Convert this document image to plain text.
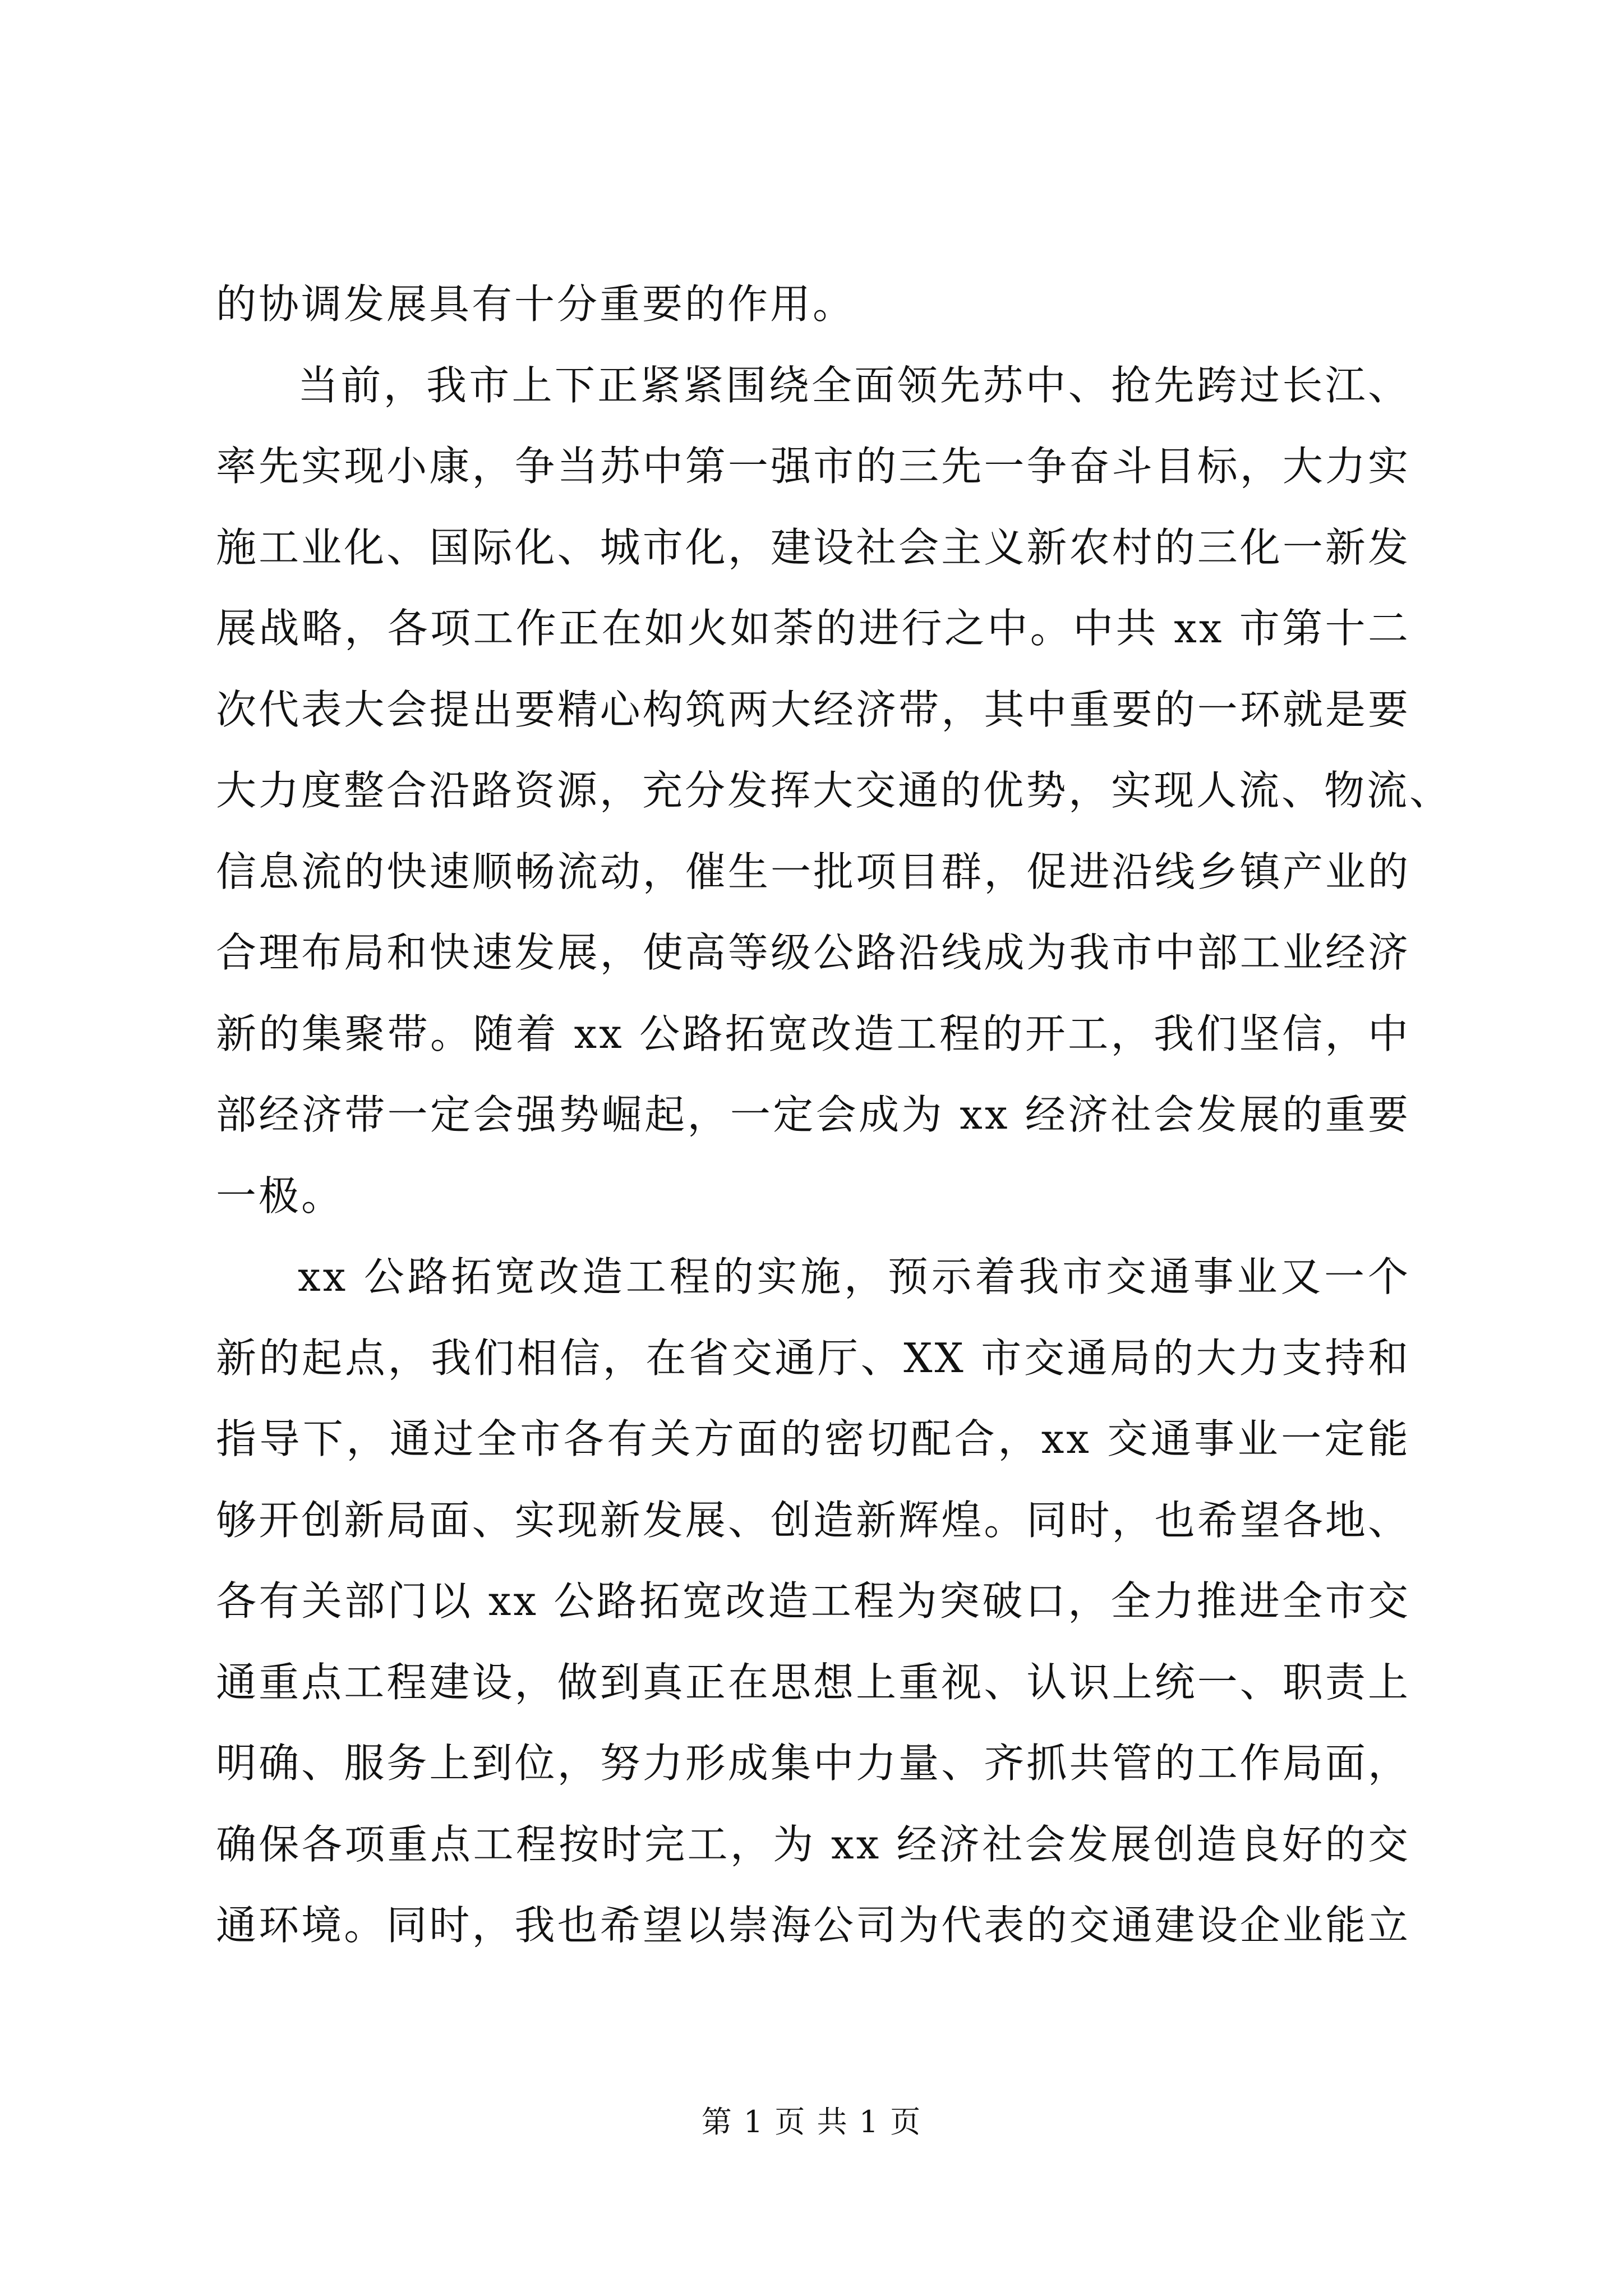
的协调发展具有十分重要的作用。
当前，我市上下正紧紧围绕全面领先苏中、抢先跨过长江、
率先实现小康，争当苏中第一强市的三先一争奋斗目标，大力实
施工业化、国际化、城市化，建设社会主义新农村的三化一新发
展战略，各项工作正在如火如荼的进行之中。中共 xx 市第十二
次代表大会提出要精心构筑两大经济带，其中重要的一环就是要
大力度整合沿路资源，充分发挥大交通的优势，实现人流、物流、
信息流的快速顺畅流动，催生一批项目群，促进沿线乡镇产业的
合理布局和快速发展，使高等级公路沿线成为我市中部工业经济
新的集聚带。随着 xx 公路拓宽改造工程的开工，我们坚信，中
部经济带一定会强势崛起，一定会成为 xx 经济社会发展的重要
一极。
xx 公路拓宽改造工程的实施，预示着我市交通事业又一个
新的起点，我们相信，在省交通厅、XX 市交通局的大力支持和
指导下，通过全市各有关方面的密切配合，xx 交通事业一定能
够开创新局面、实现新发展、创造新辉煌。同时，也希望各地、
各有关部门以 xx 公路拓宽改造工程为突破口，全力推进全市交
通重点工程建设，做到真正在思想上重视、认识上统一、职责上
明确、服务上到位，努力形成集中力量、齐抓共管的工作局面，
确保各项重点工程按时完工，为 xx 经济社会发展创造良好的交
通环境。同时，我也希望以崇海公司为代表的交通建设企业能立
第 1 页 共 1 页
